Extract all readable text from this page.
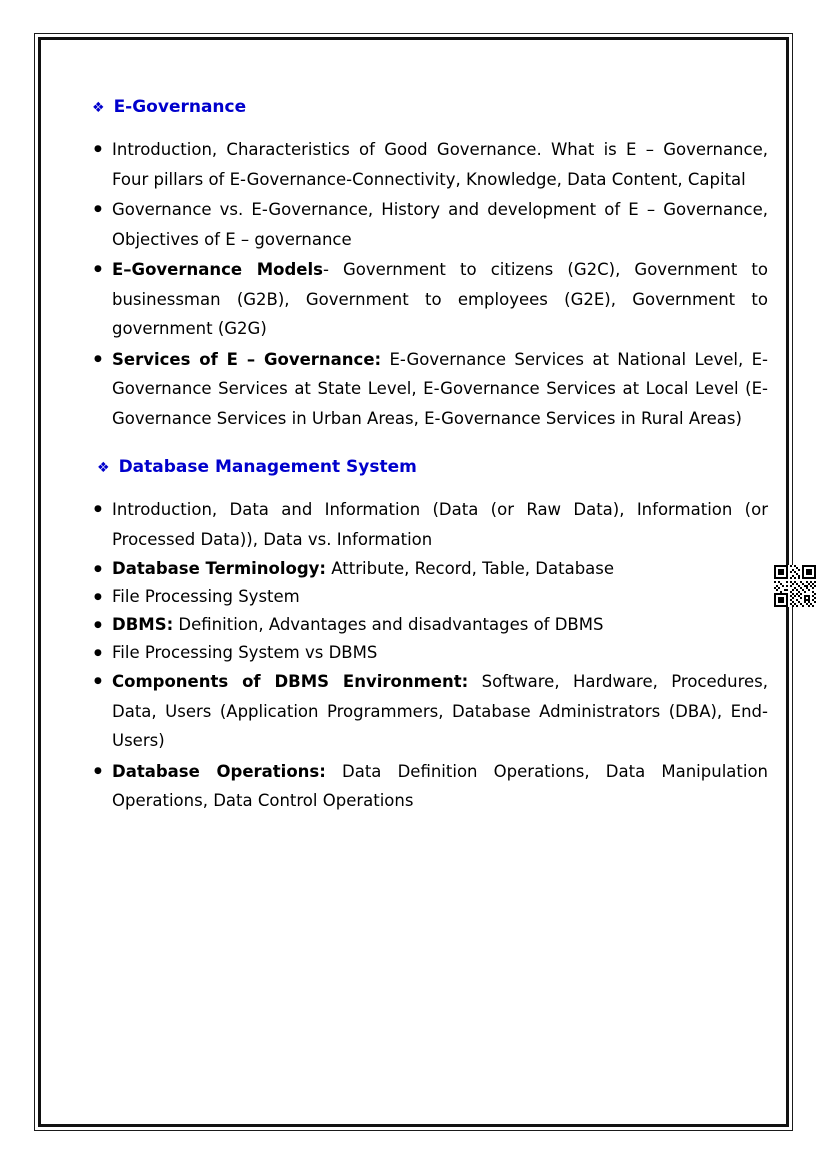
❖ E-Governance
● Introduction, Characteristics of Good Governance. What is E – Governance, Four pillars of E-Governance-Connectivity, Knowledge, Data Content, Capital
● Governance vs. E-Governance, History and development of E – Governance, Objectives of E – governance
● E–Governance Models- Government to citizens (G2C), Government to businessman (G2B), Government to employees (G2E), Government to government (G2G)
● Services of E – Governance: E-Governance Services at National Level, E-Governance Services at State Level, E-Governance Services at Local Level (E-Governance Services in Urban Areas, E-Governance Services in Rural Areas)
❖ Database Management System
● Introduction, Data and Information (Data (or Raw Data), Information (or Processed Data)), Data vs. Information
● Database Terminology: Attribute, Record, Table, Database
● File Processing System
● DBMS: Definition, Advantages and disadvantages of DBMS
● File Processing System vs DBMS
● Components of DBMS Environment: Software, Hardware, Procedures, Data, Users (Application Programmers, Database Administrators (DBA), End-Users)
● Database Operations: Data Definition Operations, Data Manipulation Operations, Data Control Operations
